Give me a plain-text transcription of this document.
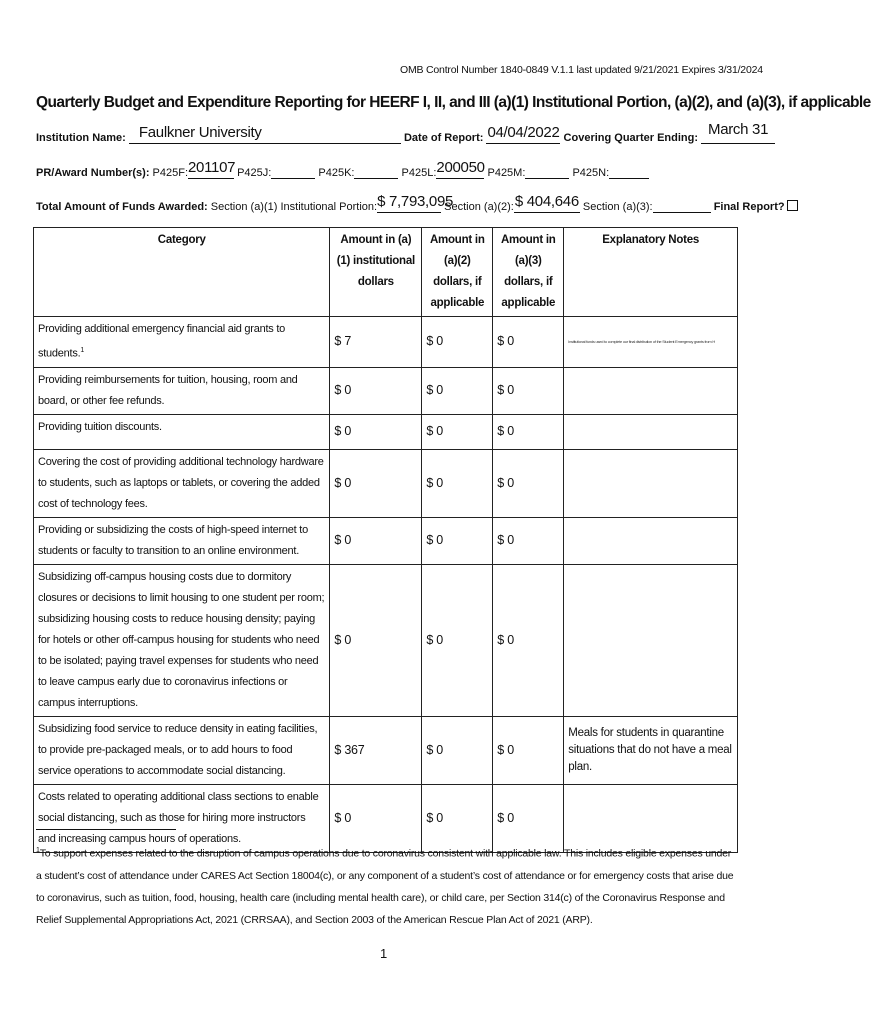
OMB Control Number 1840-0849 V.1.1 last updated 9/21/2021 Expires 3/31/2024
Quarterly Budget and Expenditure Reporting for HEERF I, II, and III (a)(1) Institutional Portion, (a)(2), and (a)(3), if applicable
Institution Name: Faulkner University	Date of Report: 04/04/2022 Covering Quarter Ending: March 31
PR/Award Number(s): P425F: 201107 P425J:	P425K:	P425L: 200050 P425M:	P425N:
Total Amount of Funds Awarded: Section (a)(1) Institutional Portion: $ 7,793,095
Section (a)(2): $ 404,646 Section (a)(3):	Final Report?
Category	Amount in (a)(1) institutional dollars	Amount in (a)(2) dollars, if applicable	Amount in (a)(3) dollars, if applicable	Explanatory Notes
Providing additional emergency financial aid grants to students.$^1$	$ 7	$ 0	$ 0	Institutional funds used to complete our final distribution of the Student Emergency grants from H

Providing reimbursements for tuition, housing, room and board, or other fee refunds.	$ 0	$ 0	$ 0	
Providing tuition discounts.	$ 0	$ 0	$ 0	
Covering the cost of providing additional technology hardware to students, such as laptops or tablets, or covering the added cost of technology fees.	$ 0	$ 0	$ 0	
Providing or subsidizing the costs of high-speed internet to students or faculty to transition to an online environment.	$ 0	$ 0	$ 0	
Subsidizing off-campus housing costs due to dormitory closures or decisions to limit housing to one student per room; subsidizing housing costs to reduce housing density; paying for hotels or other off-campus housing for students who need to be isolated; paying travel expenses for students who need to leave campus early due to coronavirus infections or campus interruptions.	$ 0	$ 0	$ 0	
Subsidizing food service to reduce density in eating facilities, to provide pre-packaged meals, or to add hours to food service operations to accommodate social distancing.	$ 367	$ 0	$ 0	Meals for students in quarantine situations that do not have a meal plan.
Costs related to operating additional class sections to enable social distancing, such as those for hiring more instructors and increasing campus hours of operations.	$ 0	$ 0	$ 0	
$^1$To support expenses related to the disruption of campus operations due to coronavirus consistent with applicable law. This includes eligible expenses under a student’s cost of attendance under CARES Act Section 18004(c), or any component of a student’s cost of attendance or for emergency costs that arise due to coronavirus, such as tuition, food, housing, health care (including mental health care), or child care, per Section 314(c) of the Coronavirus Response and Relief Supplemental Appropriations Act, 2021 (CRRSAA), and Section 2003 of the American Rescue Plan Act of 2021 (ARP).
1
